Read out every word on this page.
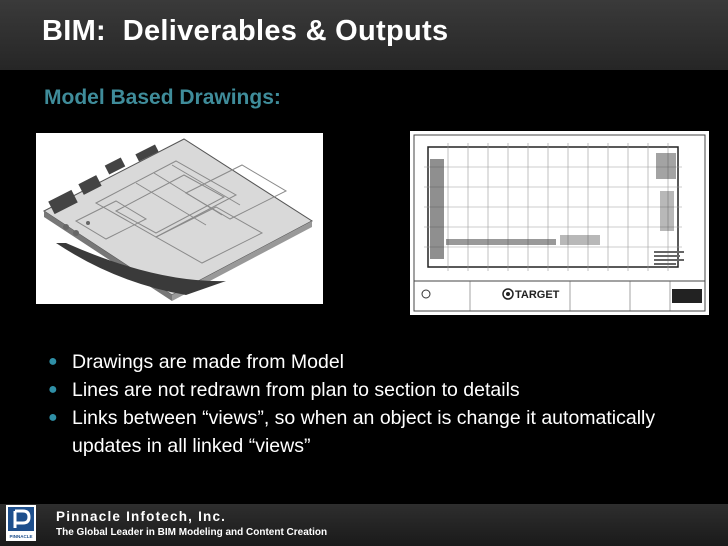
BIM:  Deliverables & Outputs
Model Based Drawings:
TARGET
● Drawings are made from Model
● Lines are not redrawn from plan to section to details
● Links between “views”, so when an object is change it automatically updates in all linked “views”
PINNACLE
Pinnacle Infotech, Inc.
The Global Leader in BIM Modeling and Content Creation
